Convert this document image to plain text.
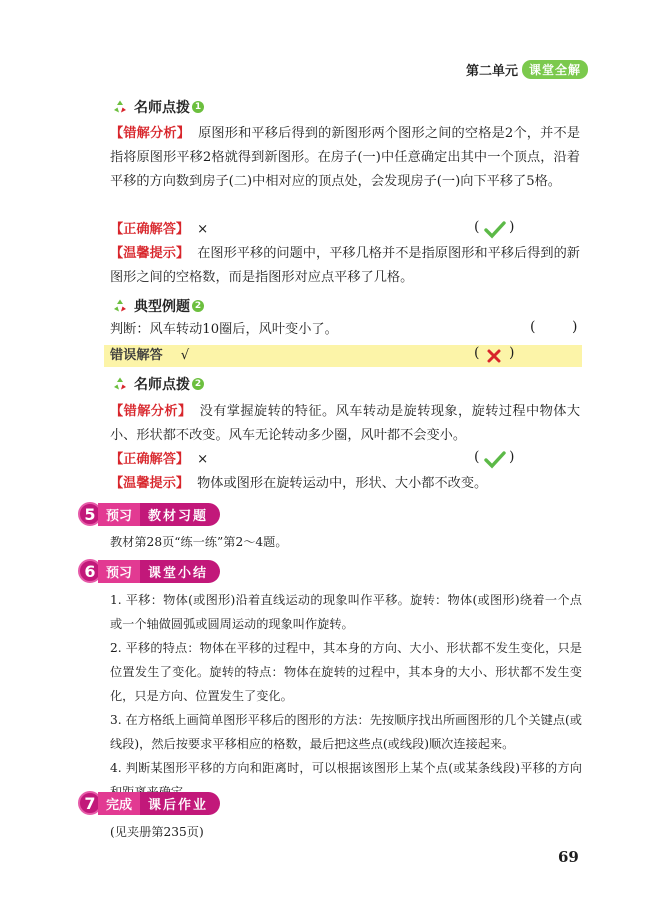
第二单元 课堂全解
名师点拨 1
【错解分析】 原图形和平移后得到的新图形两个图形之间的空格是2个，并不是指将原图形平移2格就得到新图形。在房子(一)中任意确定出其中一个顶点，沿着平移的方向数到房子(二)中相对应的顶点处，会发现房子(一)向下平移了5格。
【正确解答】 ×	( )
【温馨提示】 在图形平移的问题中，平移几格并不是指原图形和平移后得到的新图形之间的空格数，而是指图形对应点平移了几格。
典型例题 2
判断：风车转动10圈后，风叶变小了。	(	)
错误解答 √	( )
名师点拨 2
【错解分析】 没有掌握旋转的特征。风车转动是旋转现象，旋转过程中物体大小、形状都不改变。风车无论转动多少圈，风叶都不会变小。
【正确解答】 ×	( )
【温馨提示】 物体或图形在旋转运动中，形状、大小都不改变。
5 预习	教材习题
教材第28页“练一练”第2～4题。
6 预习	课堂小结
1. 平移：物体(或图形)沿着直线运动的现象叫作平移。旋转：物体(或图形)绕着一个点或一个轴做圆弧或圆周运动的现象叫作旋转。
2. 平移的特点：物体在平移的过程中，其本身的方向、大小、形状都不发生变化，只是位置发生了变化。旋转的特点：物体在旋转的过程中，其本身的大小、形状都不发生变化，只是方向、位置发生了变化。
3. 在方格纸上画简单图形平移后的图形的方法：先按顺序找出所画图形的几个关键点(或线段)，然后按要求平移相应的格数，最后把这些点(或线段)顺次连接起来。
4. 判断某图形平移的方向和距离时，可以根据该图形上某个点(或某条线段)平移的方向
7 完成	课后作业
(见夹册第235页)
69
